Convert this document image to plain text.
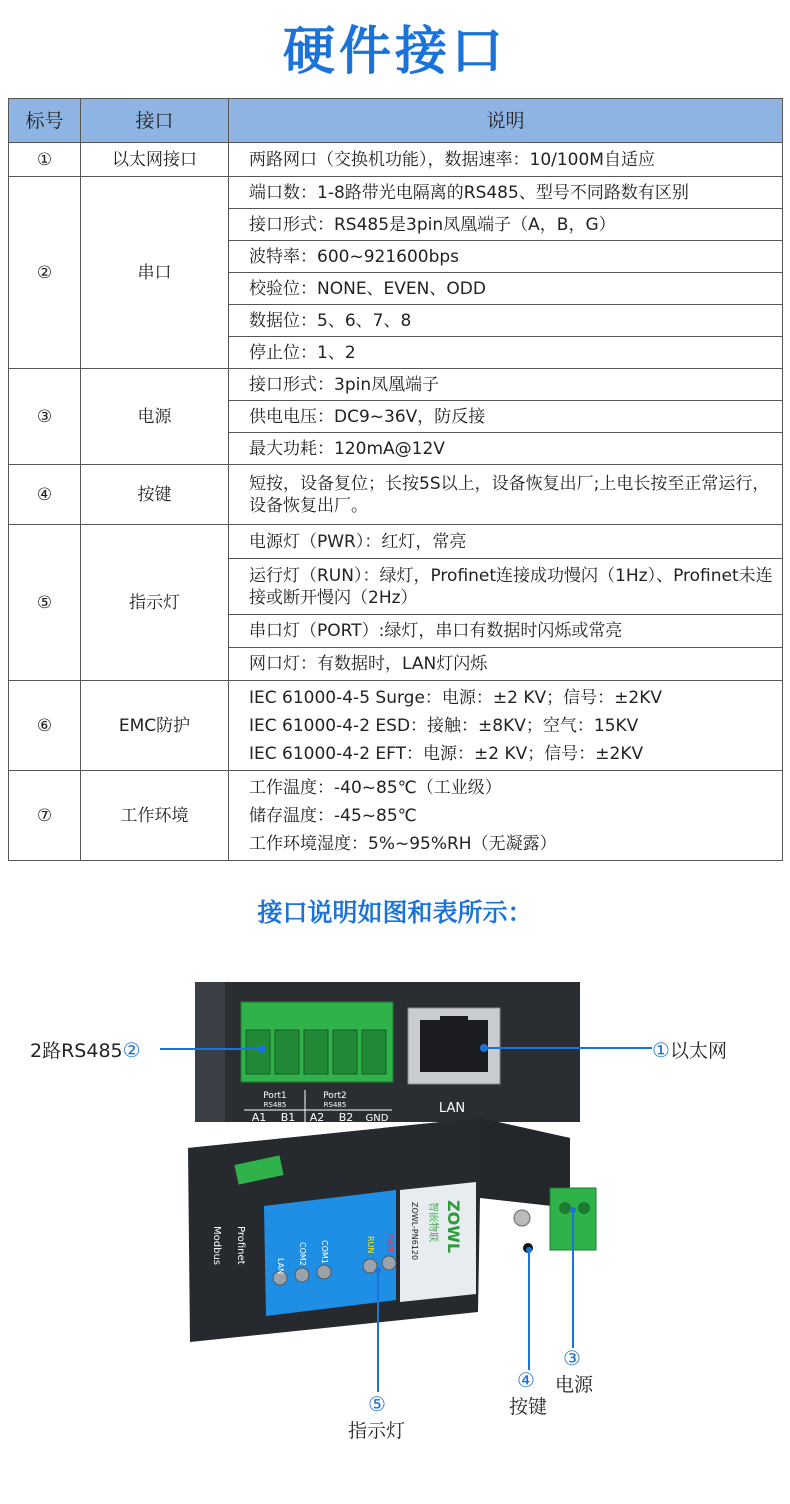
硬件接口
标号	接口	说明
①	以太网接口	两路网口（交换机功能），数据速率：10/100M自适应
②	串口	端口数：1-8路带光电隔离的RS485、型号不同路数有区别
		接口形式：RS485是3pin凤凰端子（A，B，G）
		波特率：600~921600bps
		校验位：NONE、EVEN、ODD
		数据位：5、6、7、8
		停止位：1、2
③	电源	接口形式：3pin凤凰端子
		供电电压：DC9~36V，防反接
		最大功耗：120mA@12V
④	按键	短按，设备复位；长按5S以上，设备恢复出厂;上电长按至正常运行，设备恢复出厂。
⑤	指示灯	电源灯（PWR）：红灯，常亮
		运行灯（RUN）：绿灯，Profinet连接成功慢闪（1Hz）、Profinet未连接或断开慢闪（2Hz）
		串口灯（PORT）:绿灯，串口有数据时闪烁或常亮
		网口灯：有数据时，LAN灯闪烁
⑥	EMC防护	IEC 61000-4-5 Surge：电源：±2 KV；信号：±2KV
IEC 61000-4-2 ESD：接触：±8KV；空气：15KV
IEC 61000-4-2 EFT：电源：±2 KV；信号：±2KV

⑦	工作环境	工作温度：-40~85℃（工业级）
储存温度：-45~85℃
工作环境湿度：5%~95%RH（无凝露）
接口说明如图和表所示：
Port1
RS485
Port2
RS485
A1 B1 A2 B2 GND
LAN
LAN
COM2 COM1	RUN PWR
Profinet
Modbus	ZOWL
智嵌物联
ZOWL-PN6120
2路RS485②	①以太网
③
电源
④
按键
⑤
指示灯
